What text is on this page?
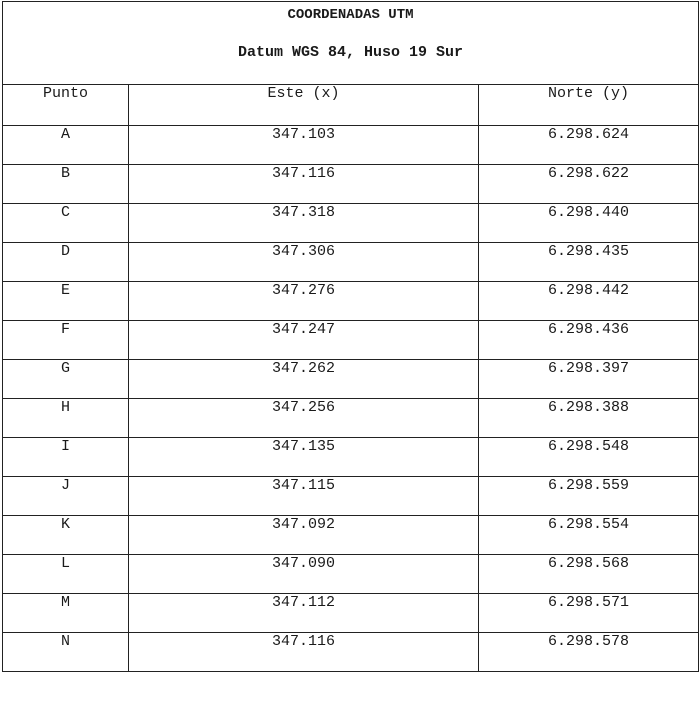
COORDENADAS UTM
Datum WGS 84, Huso 19 Sur		

Punto	Este (x)	Norte (y)
A	347.103	6.298.624
B	347.116	6.298.622
C	347.318	6.298.440
D	347.306	6.298.435
E	347.276	6.298.442
F	347.247	6.298.436
G	347.262	6.298.397
H	347.256	6.298.388
I	347.135	6.298.548
J	347.115	6.298.559
K	347.092	6.298.554
L	347.090	6.298.568
M	347.112	6.298.571
N	347.116	6.298.578
